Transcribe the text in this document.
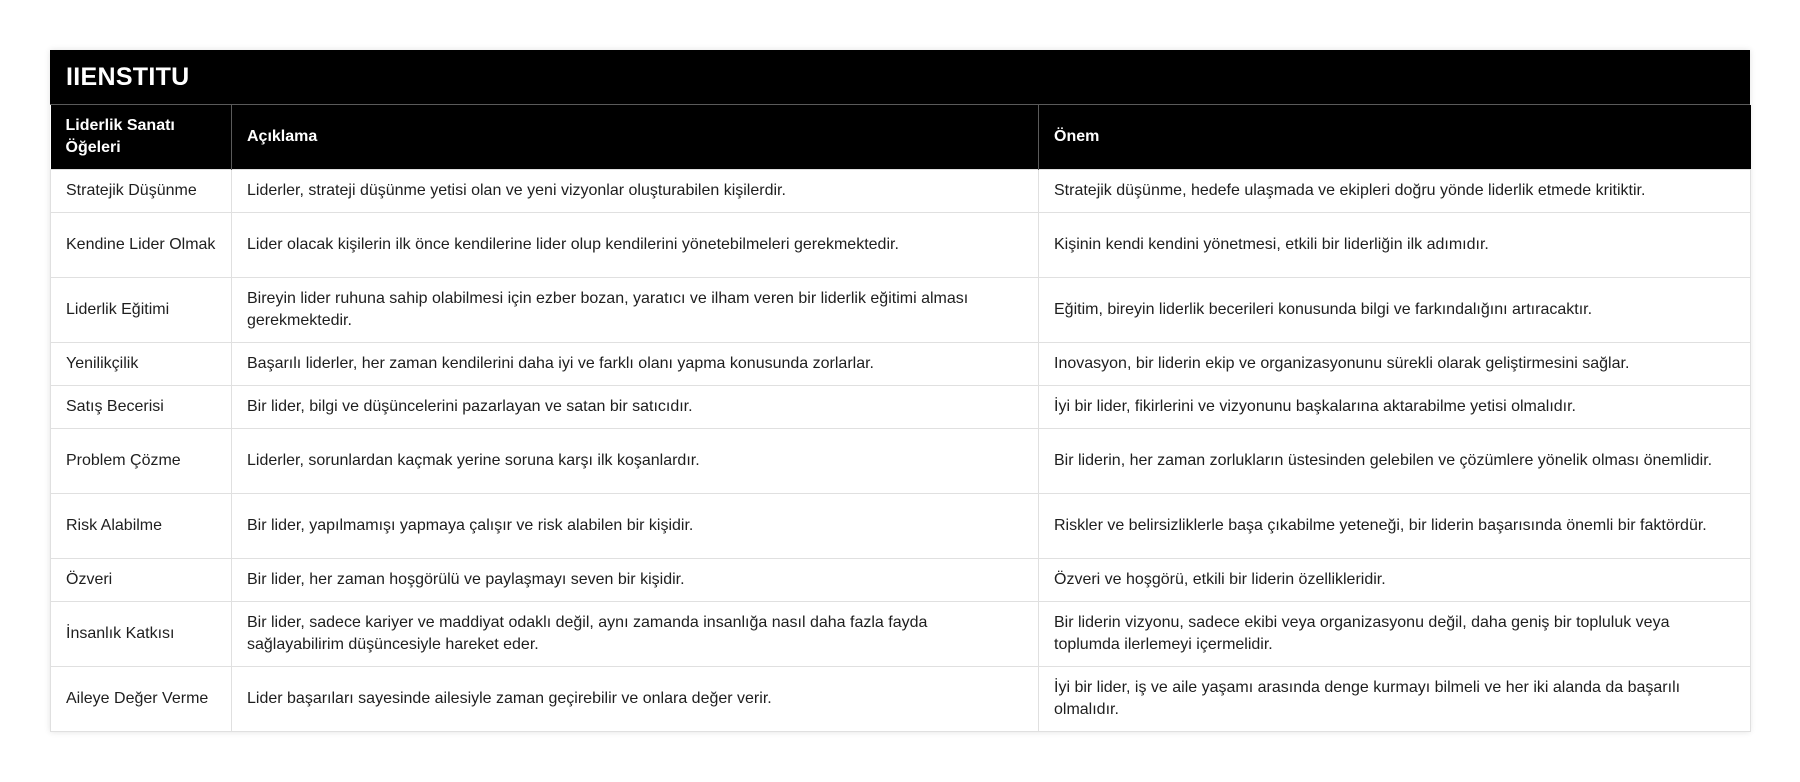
IIENSTITU
Liderlik Sanatı Öğeleri	Açıklama	Önem
Stratejik Düşünme	Liderler, strateji düşünme yetisi olan ve yeni vizyonlar oluşturabilen kişilerdir.	Stratejik düşünme, hedefe ulaşmada ve ekipleri doğru yönde liderlik etmede kritiktir.
Kendine Lider Olmak	Lider olacak kişilerin ilk önce kendilerine lider olup kendilerini yönetebilmeleri gerekmektedir.	Kişinin kendi kendini yönetmesi, etkili bir liderliğin ilk adımıdır.
Liderlik Eğitimi	Bireyin lider ruhuna sahip olabilmesi için ezber bozan, yaratıcı ve ilham veren bir liderlik eğitimi alması gerekmektedir.	Eğitim, bireyin liderlik becerileri konusunda bilgi ve farkındalığını artıracaktır.
Yenilikçilik	Başarılı liderler, her zaman kendilerini daha iyi ve farklı olanı yapma konusunda zorlarlar.	Inovasyon, bir liderin ekip ve organizasyonunu sürekli olarak geliştirmesini sağlar.
Satış Becerisi	Bir lider, bilgi ve düşüncelerini pazarlayan ve satan bir satıcıdır.	İyi bir lider, fikirlerini ve vizyonunu başkalarına aktarabilme yetisi olmalıdır.
Problem Çözme	Liderler, sorunlardan kaçmak yerine soruna karşı ilk koşanlardır.	Bir liderin, her zaman zorlukların üstesinden gelebilen ve çözümlere yönelik olması önemlidir.
Risk Alabilme	Bir lider, yapılmamışı yapmaya çalışır ve risk alabilen bir kişidir.	Riskler ve belirsizliklerle başa çıkabilme yeteneği, bir liderin başarısında önemli bir faktördür.
Özveri	Bir lider, her zaman hoşgörülü ve paylaşmayı seven bir kişidir.	Özveri ve hoşgörü, etkili bir liderin özellikleridir.
İnsanlık Katkısı	Bir lider, sadece kariyer ve maddiyat odaklı değil, aynı zamanda insanlığa nasıl daha fazla fayda sağlayabilirim düşüncesiyle hareket eder.	Bir liderin vizyonu, sadece ekibi veya organizasyonu değil, daha geniş bir topluluk veya toplumda ilerlemeyi içermelidir.
Aileye Değer Verme	Lider başarıları sayesinde ailesiyle zaman geçirebilir ve onlara değer verir.	İyi bir lider, iş ve aile yaşamı arasında denge kurmayı bilmeli ve her iki alanda da başarılı olmalıdır.
